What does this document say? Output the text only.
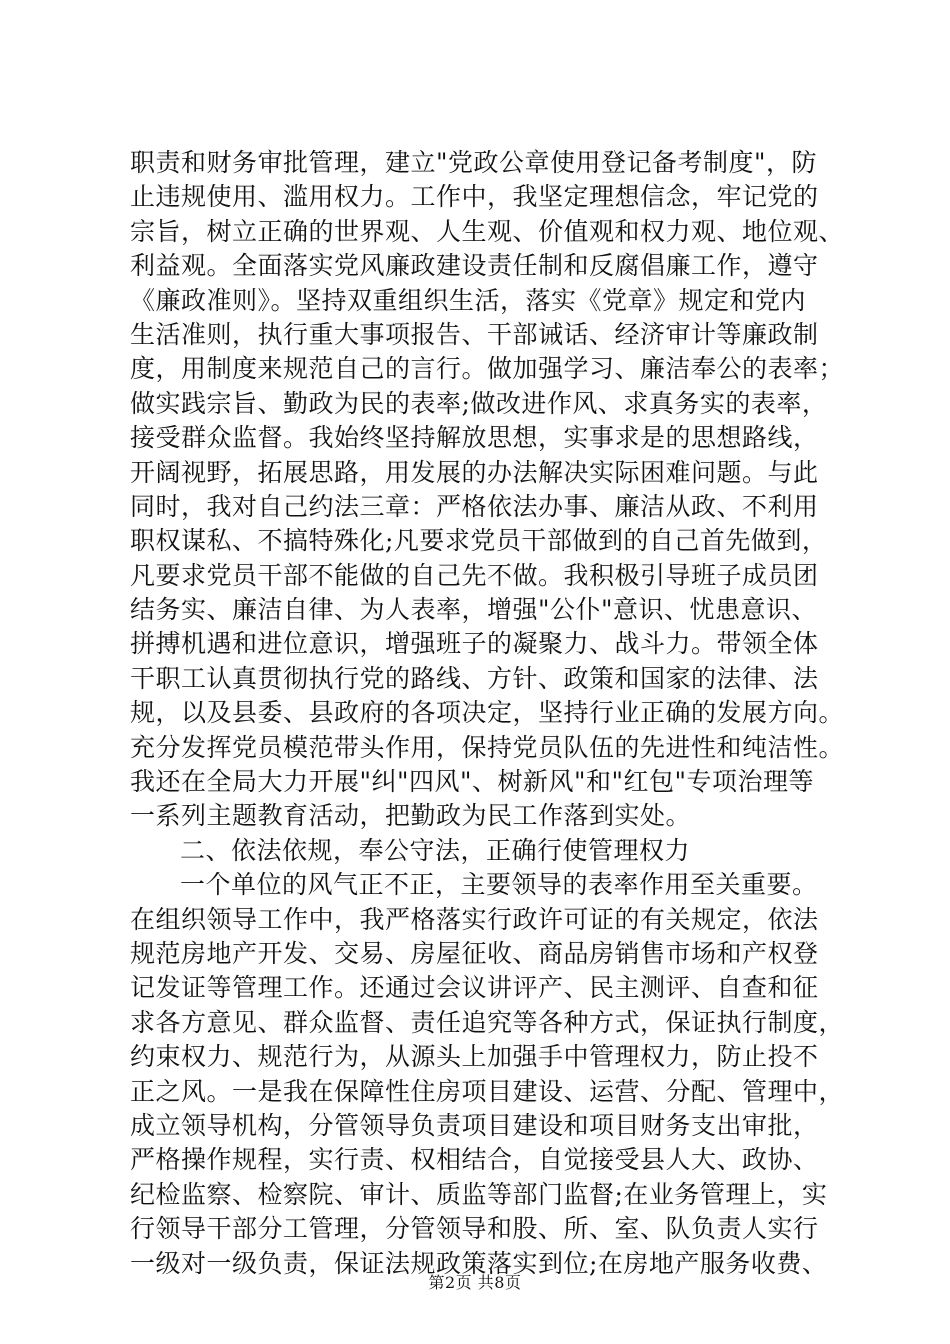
职责和财务审批管理，建立"党政公章使用登记备考制度"，防
止违规使用、滥用权力。工作中，我坚定理想信念，牢记党的
宗旨，树立正确的世界观、人生观、价值观和权力观、地位观、
利益观。全面落实党风廉政建设责任制和反腐倡廉工作，遵守
《廉政准则》。坚持双重组织生活，落实《党章》规定和党内
生活准则，执行重大事项报告、干部诫话、经济审计等廉政制
度，用制度来规范自己的言行。做加强学习、廉洁奉公的表率；
做实践宗旨、勤政为民的表率;做改进作风、求真务实的表率，
接受群众监督。我始终坚持解放思想，实事求是的思想路线，
开阔视野，拓展思路，用发展的办法解决实际困难问题。与此
同时，我对自己约法三章：严格依法办事、廉洁从政、不利用
职权谋私、不搞特殊化;凡要求党员干部做到的自己首先做到，
凡要求党员干部不能做的自己先不做。我积极引导班子成员团
结务实、廉洁自律、为人表率，增强"公仆"意识、忧患意识、
拼搏机遇和进位意识，增强班子的凝聚力、战斗力。带领全体
干职工认真贯彻执行党的路线、方针、政策和国家的法律、法
规，以及县委、县政府的各项决定，坚持行业正确的发展方向。
充分发挥党员模范带头作用，保持党员队伍的先进性和纯洁性。
我还在全局大力开展"纠"四风"、树新风"和"红包"专项治理等
一系列主题教育活动，把勤政为民工作落到实处。
二、依法依规，奉公守法，正确行使管理权力
一个单位的风气正不正，主要领导的表率作用至关重要。
在组织领导工作中，我严格落实行政许可证的有关规定，依法
规范房地产开发、交易、房屋征收、商品房销售市场和产权登
记发证等管理工作。还通过会议讲评产、民主测评、自查和征
求各方意见、群众监督、责任追究等各种方式，保证执行制度，
约束权力、规范行为，从源头上加强手中管理权力，防止投不
正之风。一是我在保障性住房项目建设、运营、分配、管理中，
成立领导机构，分管领导负责项目建设和项目财务支出审批，
严格操作规程，实行责、权相结合，自觉接受县人大、政协、
纪检监察、检察院、审计、质监等部门监督;在业务管理上，实
行领导干部分工管理，分管领导和股、所、室、队负责人实行
一级对一级负责，保证法规政策落实到位;在房地产服务收费、
第2页 共8页
